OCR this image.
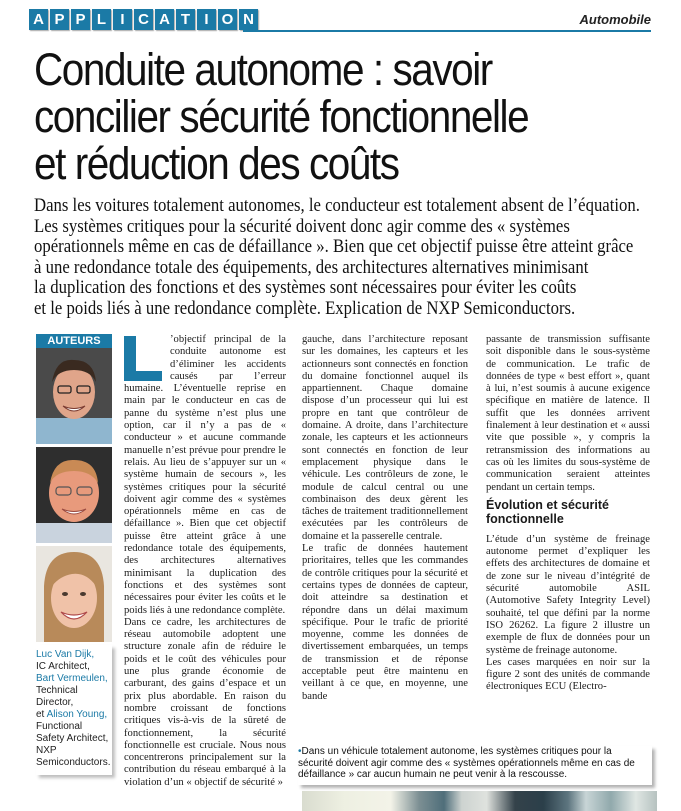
A P P L I C A T I O N	Automobile
Conduite autonome : savoir
concilier sécurité fonctionnelle
et réduction des coûts

Dans les voitures totalement autonomes, le conducteur est totalement absent de l’équation.
Les systèmes critiques pour la sécurité doivent donc agir comme des « systèmes
opérationnels même en cas de défaillance ». Bien que cet objectif puisse être atteint grâce
à une redondance totale des équipements, des architectures alternatives minimisant
la duplication des fonctions et des systèmes sont nécessaires pour éviter les coûts
et le poids liés à une redondance complète. Explication de NXP Semiconductors.

AUTEURS
Luc Van Dijk,
IC Architect,
Bart Vermeulen,
Technical Director,
et Alison Young,
Functional Safety Architect,
NXP Semiconductors.

’objectif principal de la conduite autonome est d’éliminer les accidents causés par l’erreur humaine. L’éventuelle reprise en main par le conducteur en cas de panne du système n’est plus une option, car il n’y a pas de « conducteur » et aucune commande manuelle n’est prévue pour prendre le relais. Au lieu de s’appuyer sur un « système humain de secours », les systèmes critiques pour la sécurité doivent agir comme des « systèmes opérationnels même en cas de défaillance ». Bien que cet objectif puisse être atteint grâce à une redondance totale des équipements, des architectures alternatives minimisant la duplication des fonctions et des systèmes sont nécessaires pour éviter les coûts et le poids liés à une redondance complète.

Dans ce cadre, les architectures de réseau automobile adoptent une structure zonale afin de réduire le poids et le coût des véhicules pour une plus grande économie de carburant, des gains d’espace et un prix plus abordable. En raison du nombre croissant de fonctions critiques vis-à-vis de la sûreté de fonctionnement, la sécurité fonctionnelle est cruciale. Nous nous concentrerons principalement sur la contribution du réseau embarqué à la violation d’un « objectif de sécurité »

gauche, dans l’architecture reposant sur les domaines, les capteurs et les actionneurs sont connectés en fonction du domaine fonctionnel auquel ils appartiennent. Chaque domaine dispose d’un processeur qui lui est propre en tant que contrôleur de domaine. A droite, dans l’architecture zonale, les capteurs et les actionneurs sont connectés en fonction de leur emplacement physique dans le véhicule. Les contrôleurs de zone, le module de calcul central ou une combinaison des deux gèrent les tâches de traitement traditionnellement exécutées par les contrôleurs de domaine et la passerelle centrale.

Le trafic de données hautement prioritaires, telles que les commandes de contrôle critiques pour la sécurité et certains types de données de capteur, doit atteindre sa destination et répondre dans un délai maximum spécifique. Pour le trafic de priorité moyenne, comme les données de divertissement embarquées, un temps de transmission et de réponse acceptable peut être maintenu en veillant à ce que, en moyenne, une bande

passante de transmission suffisante soit disponible dans le sous-système de communication. Le trafic de données de type « best effort », quant à lui, n’est soumis à aucune exigence spécifique en matière de latence. Il suffit que les données arrivent finalement à leur destination et « aussi vite que possible », y compris la retransmission des informations au cas où les limites du sous-système de communication seraient atteintes pendant un certain temps.

Évolution et sécurité fonctionnelle

L’étude d’un système de freinage autonome permet d’expliquer les effets des architectures de domaine et de zone sur le niveau d’intégrité de sécurité automobile ASIL (Automotive Safety Integrity Level) souhaité, tel que défini par la norme ISO 26262. La figure 2 illustre un exemple de flux de données pour un système de freinage autonome.

Les cases marquées en noir sur la figure 2 sont des unités de commande électroniques ECU (Electro-

•Dans un véhicule totalement autonome, les systèmes critiques pour la sécurité doivent agir comme des « systèmes opérationnels même en cas de défaillance » car aucun humain ne peut venir à la rescousse.
